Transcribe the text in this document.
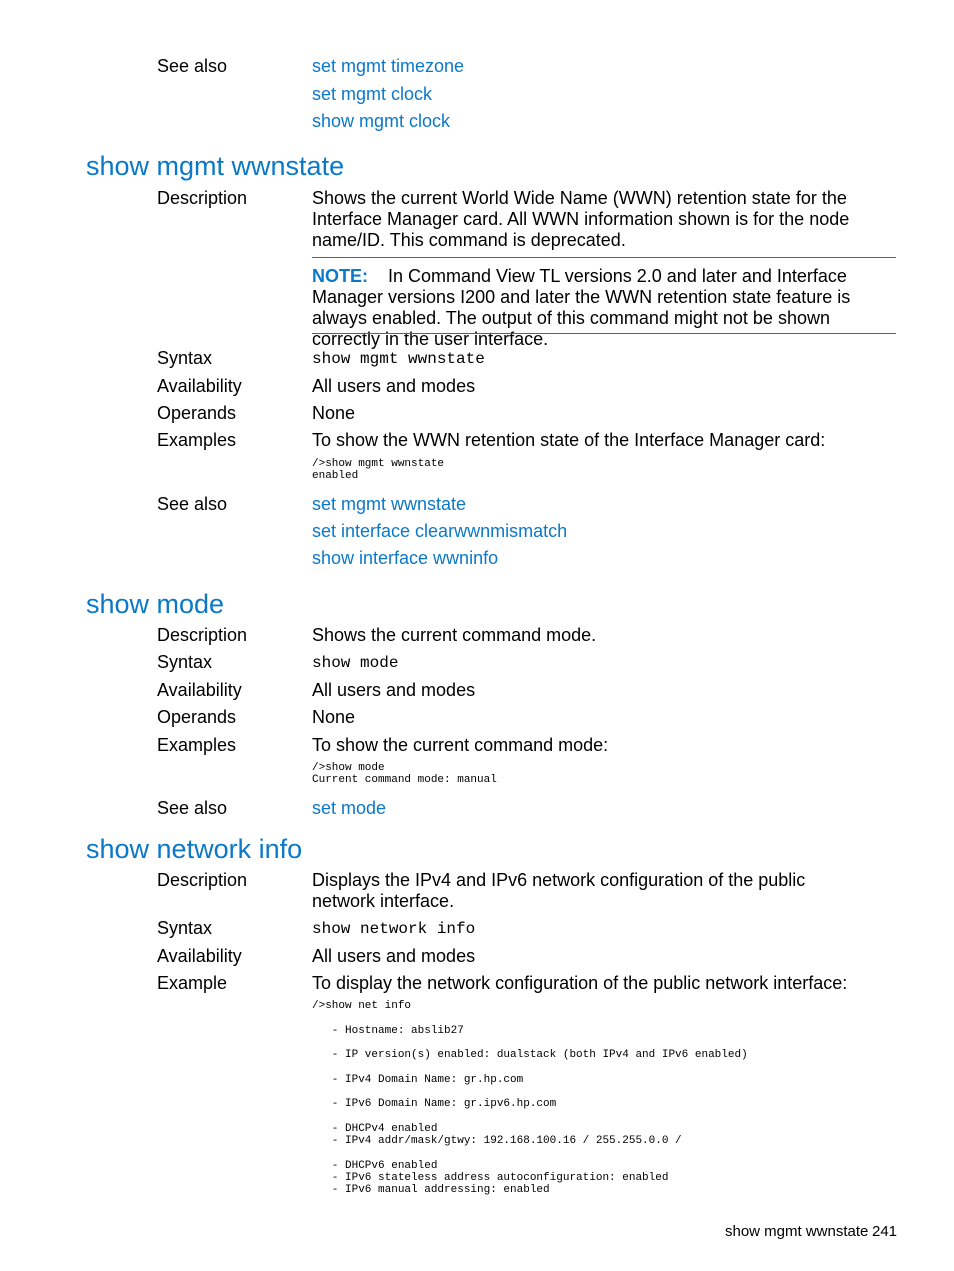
See also	set mgmt timezone
set mgmt clock
show mgmt clock
show mgmt wwnstate
Description	Shows the current World Wide Name (WWN) retention state for the Interface Manager card. All WWN information shown is for the node name/ID. This command is deprecated.
NOTE: In Command View TL versions 2.0 and later and Interface Manager versions I200 and later the WWN retention state feature is always enabled. The output of this command might not be shown correctly in the user interface.
Syntax	show mgmt wwnstate
Availability	All users and modes
Operands	None
Examples	To show the WWN retention state of the Interface Manager card:
/>show mgmt wwnstate
enabled
See also	set mgmt wwnstate
set interface clearwwnmismatch
show interface wwninfo
show mode
Description	Shows the current command mode.
Syntax	show mode
Availability	All users and modes
Operands	None
Examples	To show the current command mode:
/>show mode
Current command mode: manual
See also	set mode
show network info
Description	Displays the IPv4 and IPv6 network configuration of the public network interface.
Syntax	show network info
Availability	All users and modes
Example	To display the network configuration of the public network interface:
/>show net info

- Hostname: abslib27

- IP version(s) enabled: dualstack (both IPv4 and IPv6 enabled)

- IPv4 Domain Name: gr.hp.com

- IPv6 Domain Name: gr.ipv6.hp.com

- DHCPv4 enabled
- IPv4 addr/mask/gtwy: 192.168.100.16 / 255.255.0.0 /

- DHCPv6 enabled
- IPv6 stateless address autoconfiguration: enabled
- IPv6 manual addressing: enabled
show mgmt wwnstate 241
